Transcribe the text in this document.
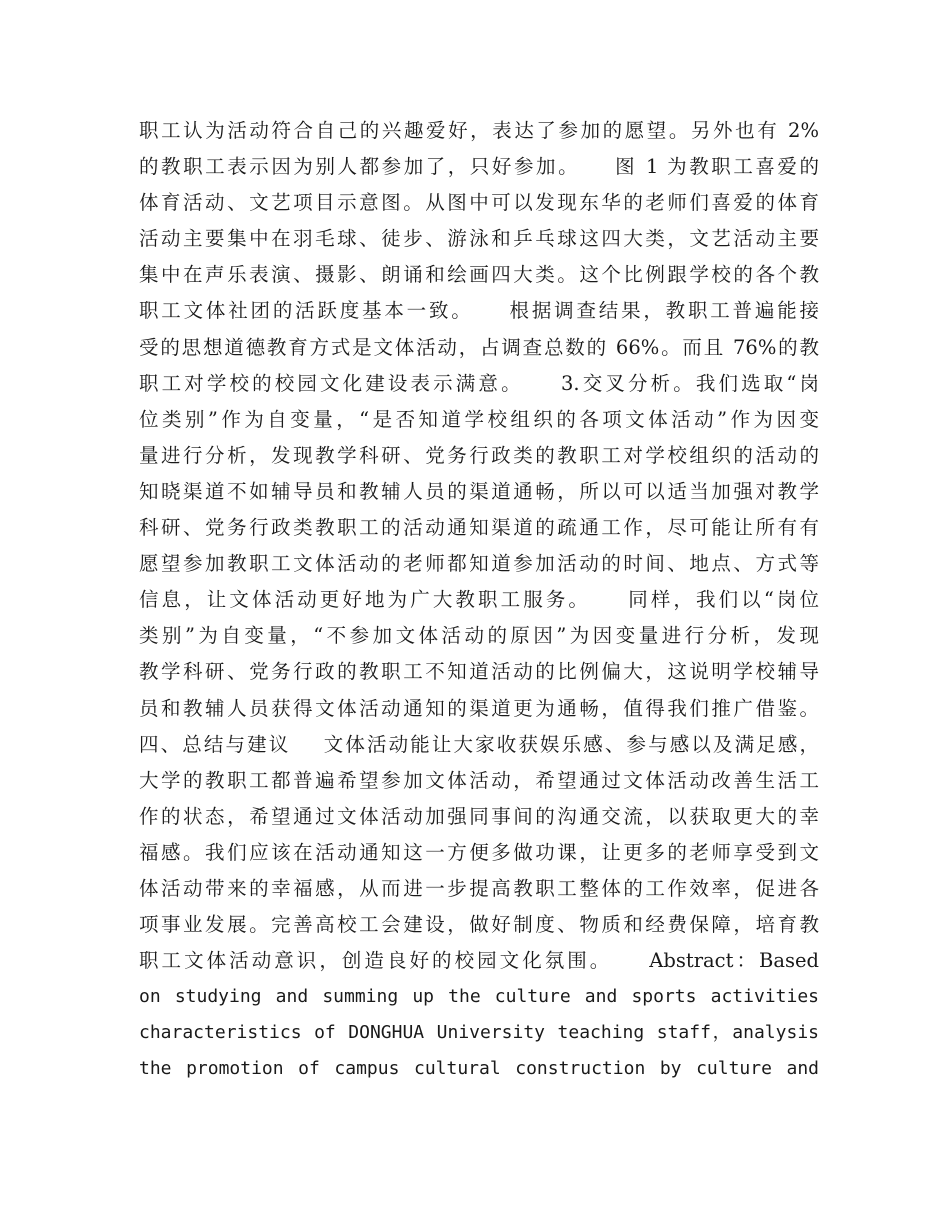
职工认为活动符合自己的兴趣爱好，表达了参加的愿望。另外也有 2%
的教职工表示因为别人都参加了，只好参加。    图 1 为教职工喜爱的
体育活动、文艺项目示意图。从图中可以发现东华的老师们喜爱的体育
活动主要集中在羽毛球、徒步、游泳和乒乓球这四大类，文艺活动主要
集中在声乐表演、摄影、朗诵和绘画四大类。这个比例跟学校的各个教
职工文体社团的活跃度基本一致。    根据调查结果，教职工普遍能接
受的思想道德教育方式是文体活动，占调查总数的 66%。而且 76%的教
职工对学校的校园文化建设表示满意。    3.交叉分析。我们选取“岗
位类别”作为自变量，“是否知道学校组织的各项文体活动”作为因变
量进行分析，发现教学科研、党务行政类的教职工对学校组织的活动的
知晓渠道不如辅导员和教辅人员的渠道通畅，所以可以适当加强对教学
科研、党务行政类教职工的活动通知渠道的疏通工作，尽可能让所有有
愿望参加教职工文体活动的老师都知道参加活动的时间、地点、方式等
信息，让文体活动更好地为广大教职工服务。    同样，我们以“岗位
类别”为自变量，“不参加文体活动的原因”为因变量进行分析，发现
教学科研、党务行政的教职工不知道活动的比例偏大，这说明学校辅导
员和教辅人员获得文体活动通知的渠道更为通畅，值得我们推广借鉴。
四、总结与建议    文体活动能让大家收获娱乐感、参与感以及满足感，
大学的教职工都普遍希望参加文体活动，希望通过文体活动改善生活工
作的状态，希望通过文体活动加强同事间的沟通交流，以获取更大的幸
福感。我们应该在活动通知这一方便多做功课，让更多的老师享受到文
体活动带来的幸福感，从而进一步提高教职工整体的工作效率，促进各
项事业发展。完善高校工会建设，做好制度、物质和经费保障，培育教
职工文体活动意识，创造良好的校园文化氛围。    Abstract：Based
on studying and summing up the culture and sports activities
characteristics of DONGHUA University teaching staff，analysis
the promotion of campus cultural construction by culture and
